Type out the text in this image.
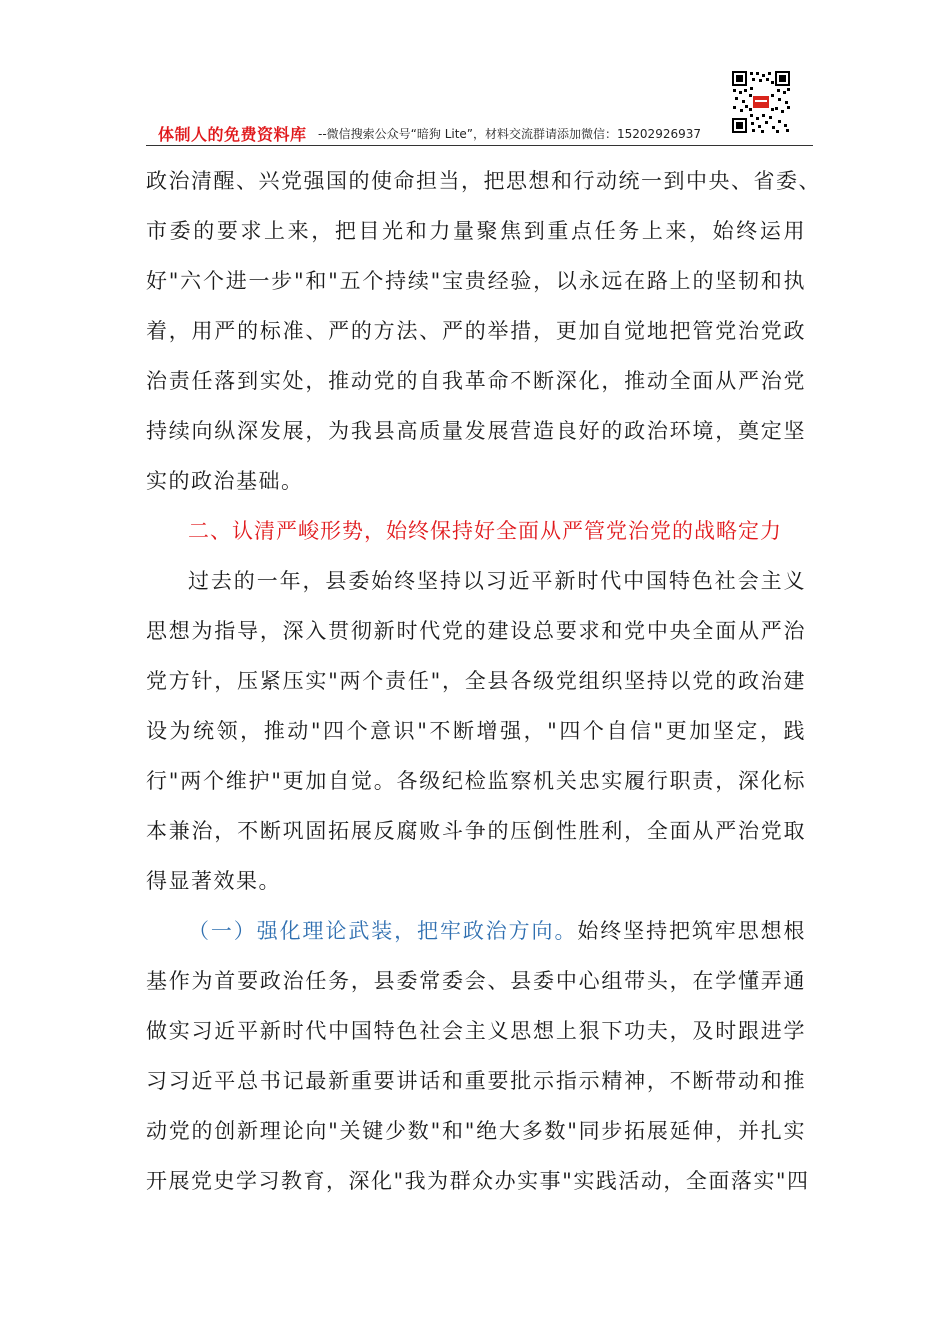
体制人的免费资料库 --微信搜索公众号“暗狗 Lite”，材料交流群请添加微信：15202926937
政治清醒、兴党强国的使命担当，把思想和行动统一到中央、省委、
市委的要求上来，把目光和力量聚焦到重点任务上来，始终运用
好"六个进一步"和"五个持续"宝贵经验，以永远在路上的坚韧和执
着，用严的标准、严的方法、严的举措，更加自觉地把管党治党政
治责任落到实处，推动党的自我革命不断深化，推动全面从严治党
持续向纵深发展，为我县高质量发展营造良好的政治环境，奠定坚
实的政治基础。
二、认清严峻形势，始终保持好全面从严管党治党的战略定力
过去的一年，县委始终坚持以习近平新时代中国特色社会主义
思想为指导，深入贯彻新时代党的建设总要求和党中央全面从严治
党方针，压紧压实"两个责任"，全县各级党组织坚持以党的政治建
设为统领，推动"四个意识"不断增强，"四个自信"更加坚定，践
行"两个维护"更加自觉。各级纪检监察机关忠实履行职责，深化标
本兼治，不断巩固拓展反腐败斗争的压倒性胜利，全面从严治党取
得显著效果。
（一）强化理论武装，把牢政治方向。始终坚持把筑牢思想根
基作为首要政治任务，县委常委会、县委中心组带头，在学懂弄通
做实习近平新时代中国特色社会主义思想上狠下功夫，及时跟进学
习习近平总书记最新重要讲话和重要批示指示精神，不断带动和推
动党的创新理论向"关键少数"和"绝大多数"同步拓展延伸，并扎实
开展党史学习教育，深化"我为群众办实事"实践活动，全面落实"四
